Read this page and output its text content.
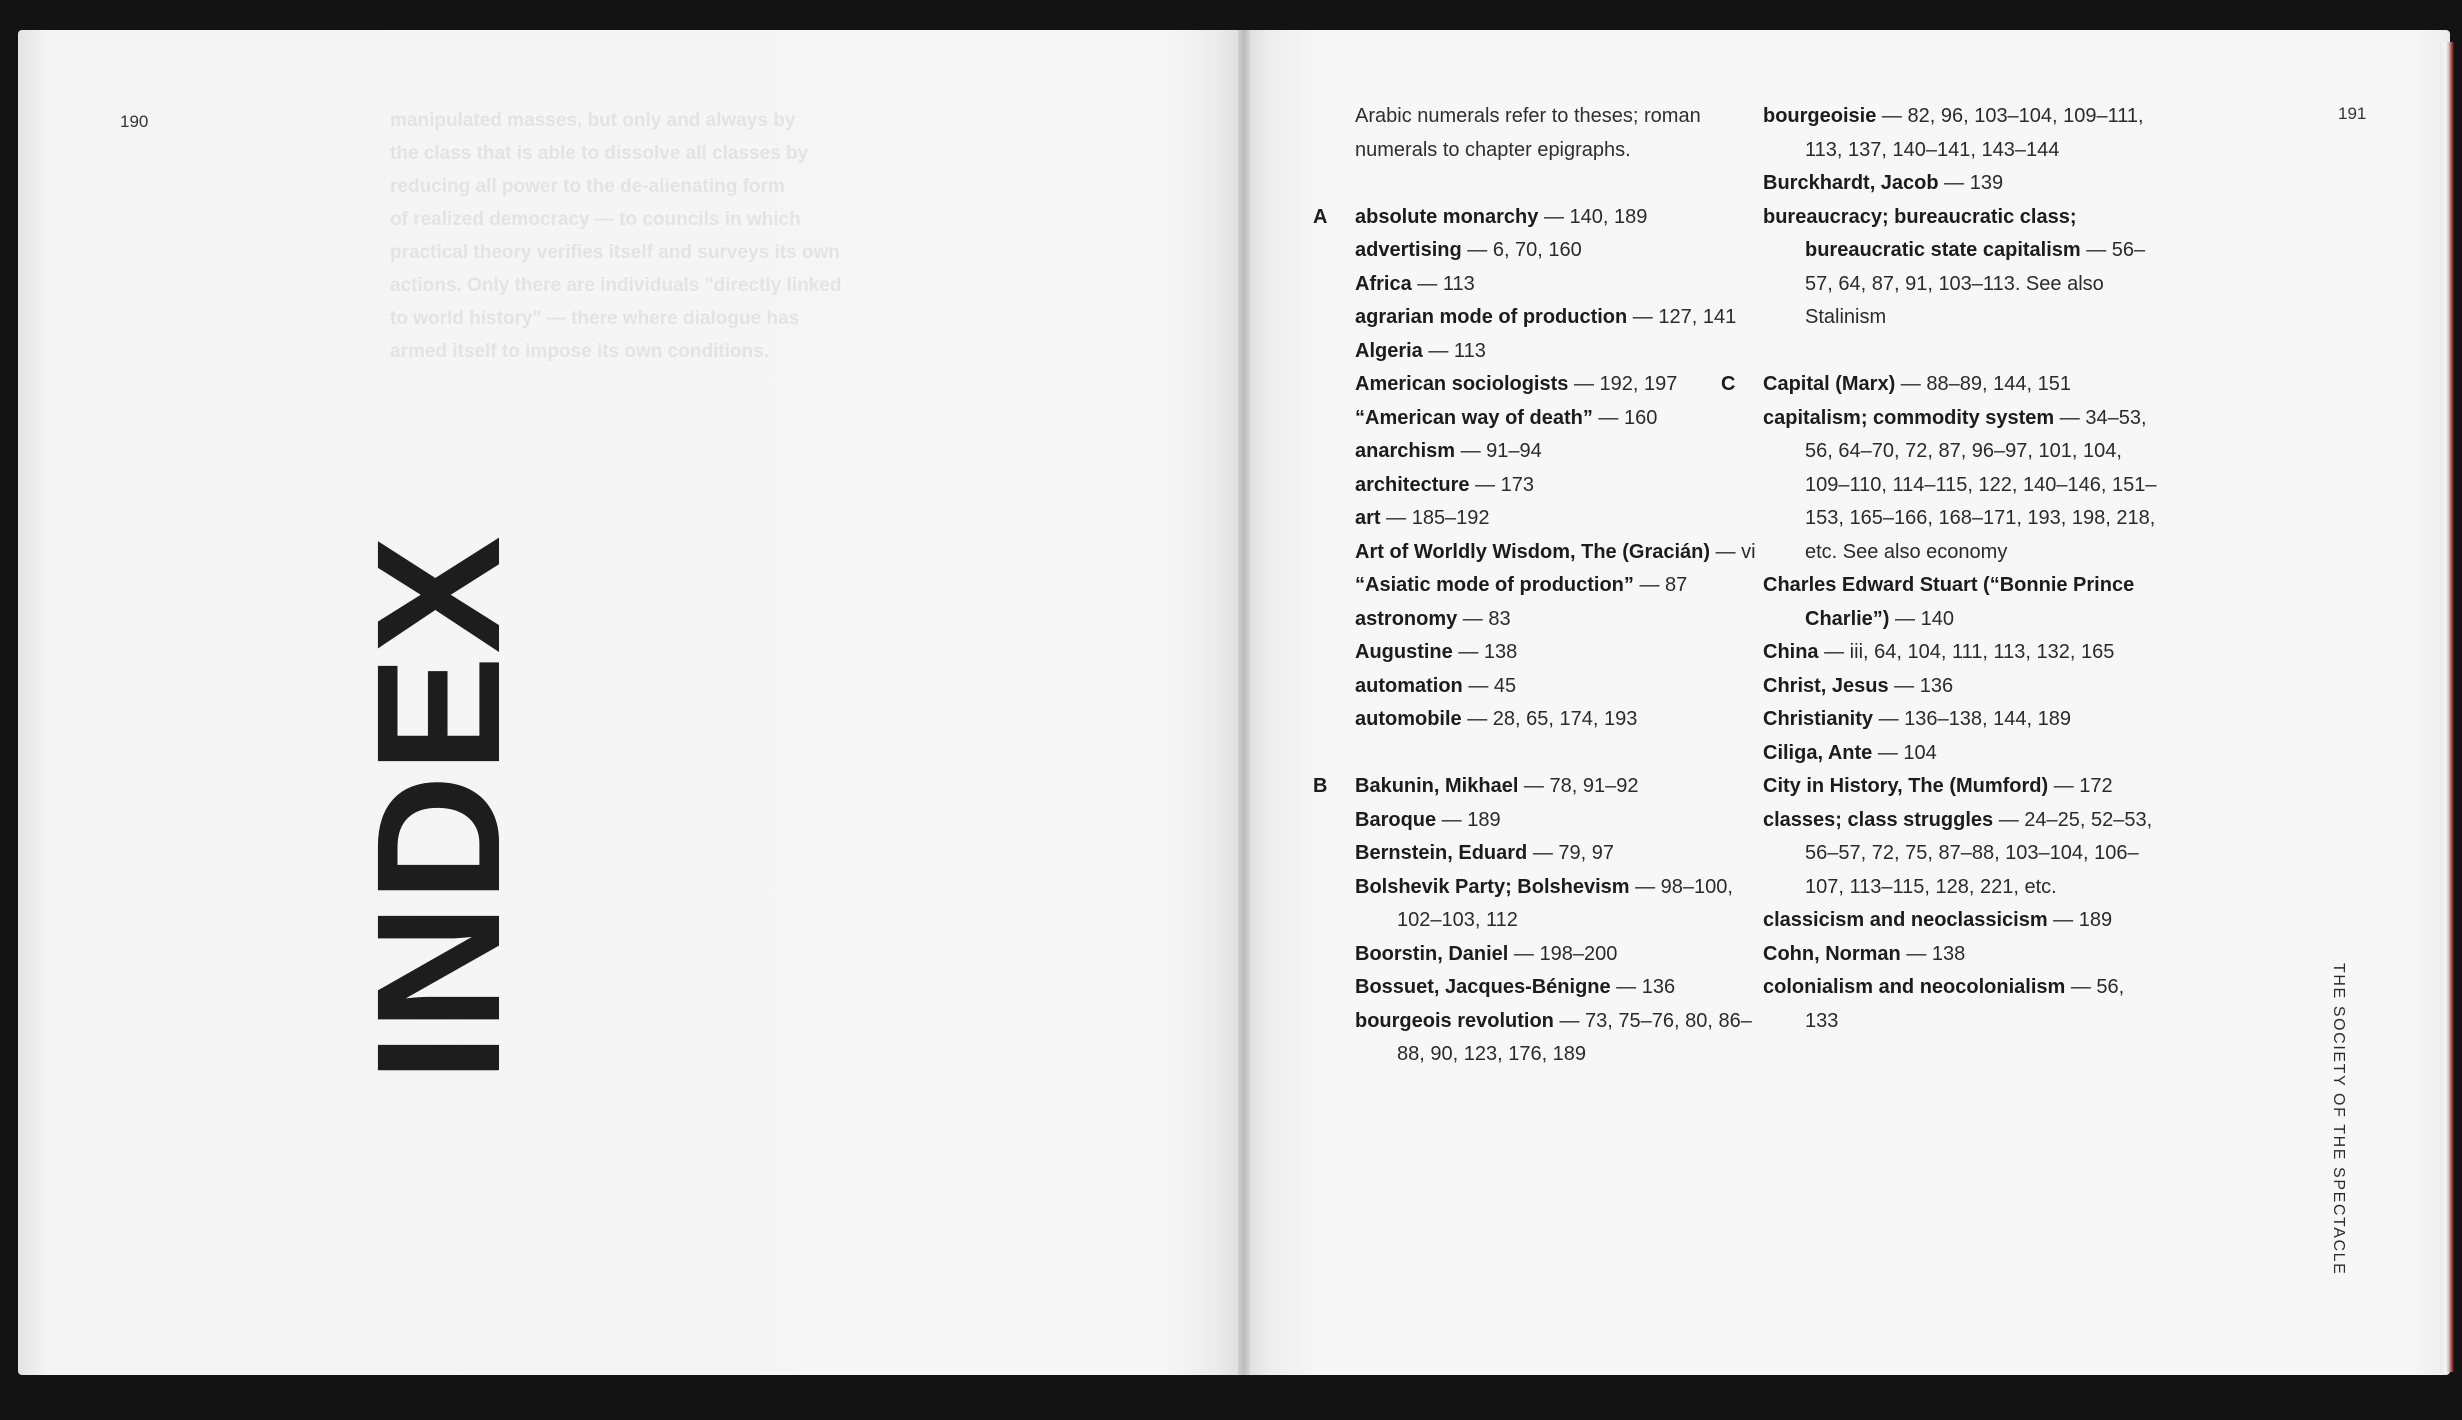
190	191
manipulated masses, but only and always by
the class that is able to dissolve all classes by
reducing all power to the de-alienating form
of realized democracy — to councils in which
practical theory verifies itself and surveys its own
actions. Only there are individuals "directly linked
to world history" — there where dialogue has
armed itself to impose its own conditions.
INDEX
THE SOCIETY OF THE SPECTACLE
Arabic numerals refer to theses; roman numerals to chapter epigraphs.
A	absolute monarchy — 140, 189
advertising — 6, 70, 160
Africa — 113
agrarian mode of production — 127, 141
Algeria — 113
American sociologists — 192, 197
“American way of death” — 160
anarchism — 91–94
architecture — 173
art — 185–192
Art of Worldly Wisdom, The (Gracián) — vi
“Asiatic mode of production” — 87
astronomy — 83
Augustine — 138
automation — 45
automobile — 28, 65, 174, 193
B	Bakunin, Mikhael — 78, 91–92
Baroque — 189
Bernstein, Eduard — 79, 97
Bolshevik Party; Bolshevism — 98–100, 102–103, 112
Boorstin, Daniel — 198–200
Bossuet, Jacques-Bénigne — 136
bourgeois revolution — 73, 75–76, 80, 86–88, 90, 123, 176, 189
bourgeoisie — 82, 96, 103–104, 109–111, 113, 137, 140–141, 143–144
Burckhardt, Jacob — 139
bureaucracy; bureaucratic class; bureaucratic state capitalism — 56–57, 64, 87, 91, 103–113. See also Stalinism
C	Capital (Marx) — 88–89, 144, 151
capitalism; commodity system — 34–53, 56, 64–70, 72, 87, 96–97, 101, 104, 109–110, 114–115, 122, 140–146, 151–153, 165–166, 168–171, 193, 198, 218, etc. See also economy
Charles Edward Stuart (“Bonnie Prince Charlie”) — 140
China — iii, 64, 104, 111, 113, 132, 165
Christ, Jesus — 136
Christianity — 136–138, 144, 189
Ciliga, Ante — 104
City in History, The (Mumford) — 172
classes; class struggles — 24–25, 52–53, 56–57, 72, 75, 87–88, 103–104, 106–107, 113–115, 128, 221, etc.
classicism and neoclassicism — 189
Cohn, Norman — 138
colonialism and neocolonialism — 56, 133
